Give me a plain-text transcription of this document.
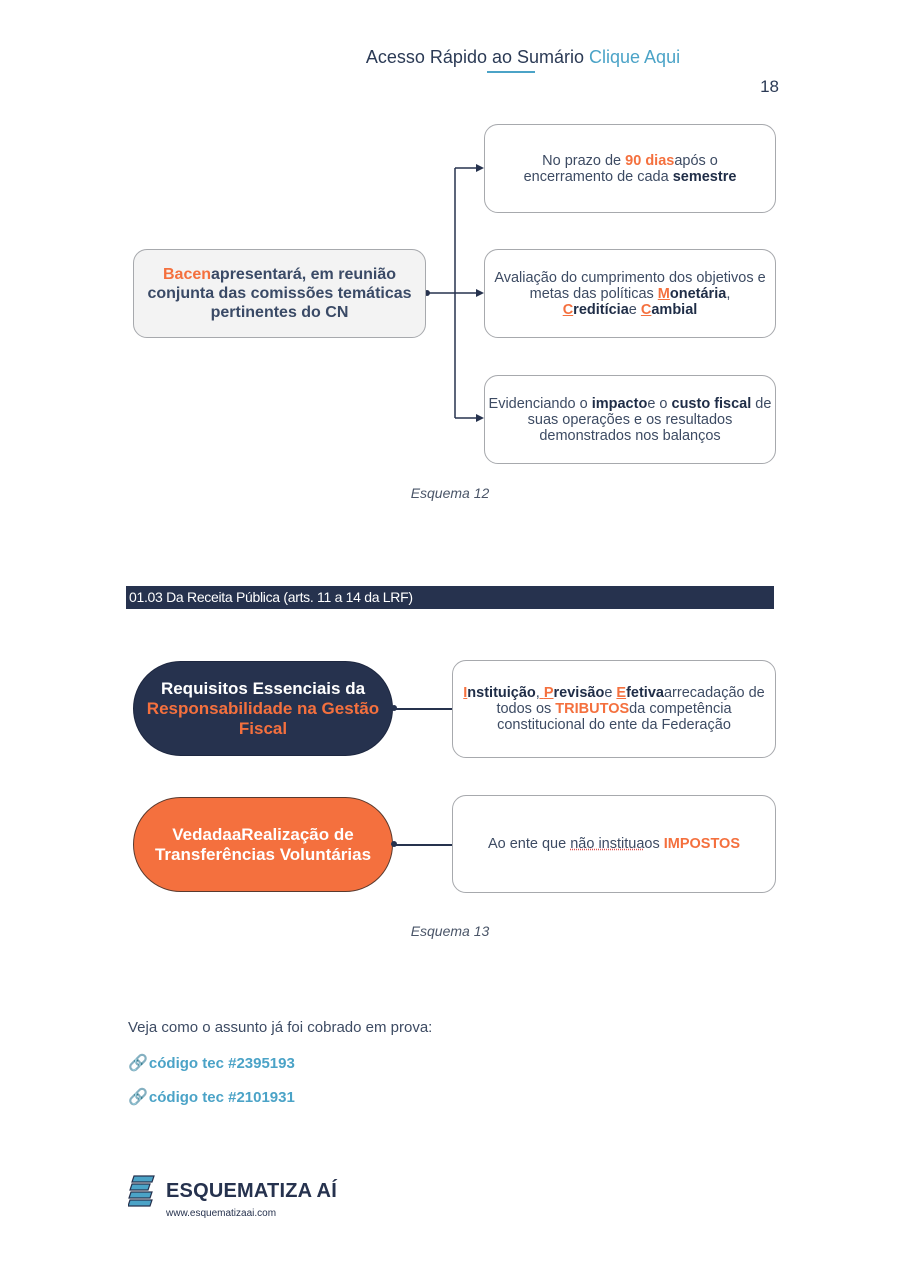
Acesso Rápido ao Sumário Clique Aqui
18
Bacenapresentará, em reunião conjunta das comissões temáticas pertinentes do CN
No prazo de 90 diasapós o encerramento de cada semestre
Avaliação do cumprimento dos objetivos e metas das políticas Monetária,
Creditíciae Cambial
Evidenciando o impactoe o custo fiscal de suas operações e os resultados demonstrados nos balanços
Esquema 12
01.03 Da Receita Pública (arts. 11 a 14 da LRF)
Requisitos Essenciais da
Responsabilidade na Gestão Fiscal
Instituição, Previsãoe Efetivaarrecadação de todos os TRIBUTOSda competência constitucional do ente da Federação
VedadaaRealização de Transferências Voluntárias
Ao ente que não instituaos IMPOSTOS
Esquema 13
Veja como o assunto já foi cobrado em prova:
🔗código tec #2395193
🔗código tec #2101931
ESQUEMATIZA AÍ
www.esquematizaai.com
